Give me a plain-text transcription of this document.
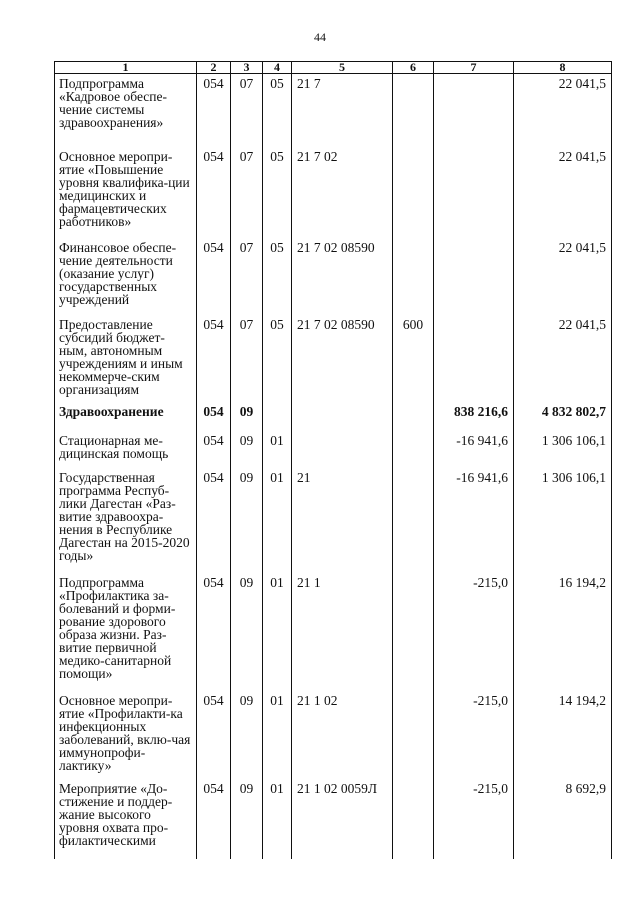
44
1	2	3	4	5	6	7	8
Подпрограмма «Кадровое обеспе-чение системы здравоохранения»	054	07	05	21 7			22 041,5
Основное меропри-ятие «Повышение уровня квалифика-ции медицинских и фармацевтических работников»	054	07	05	21 7 02			22 041,5
Финансовое обеспе-чение деятельности (оказание услуг) государственных учреждений	054	07	05	21 7 02 08590			22 041,5
Предоставление субсидий бюджет-ным, автономным учреждениям и иным некоммерче-ским организациям	054	07	05	21 7 02 08590	600		22 041,5
Здравоохранение	054	09				838 216,6	4 832 802,7
Стационарная ме-дицинская помощь	054	09	01			-16 941,6	1 306 106,1
Государственная программа Респуб-лики Дагестан «Раз-витие здравоохра-нения в Республике Дагестан на 2015-2020 годы»	054	09	01	21		-16 941,6	1 306 106,1
Подпрограмма «Профилактика за-болеваний и форми-рование здорового образа жизни. Раз-витие первичной медико-санитарной помощи»	054	09	01	21 1		-215,0	16 194,2
Основное меропри-ятие «Профилакти-ка инфекционных заболеваний, вклю-чая иммунопрофи-лактику»	054	09	01	21 1 02		-215,0	14 194,2
Мероприятие «До-стижение и поддер-жание высокого уровня охвата про-филактическими	054	09	01	21 1 02 0059Л		-215,0	8 692,9
